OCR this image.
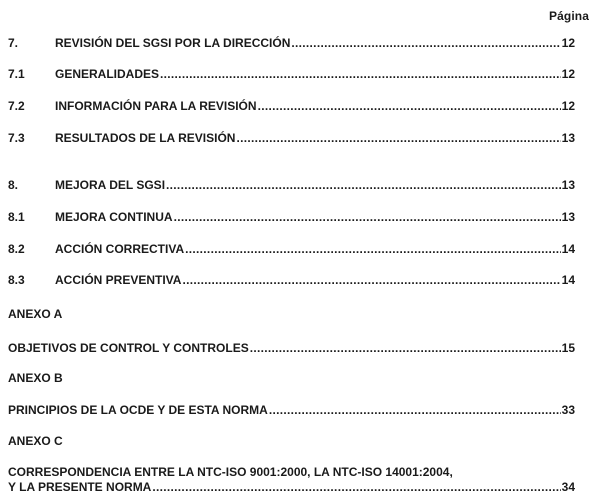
Página
7.	REVISIÓN DEL SGSI POR LA DIRECCIÓN .....	12
7.1	GENERALIDADES .....	12
7.2	INFORMACIÓN PARA LA REVISIÓN .....	12
7.3	RESULTADOS DE LA REVISIÓN .....	13
8.	MEJORA DEL SGSI .....	13
8.1	MEJORA CONTINUA .....	13
8.2	ACCIÓN CORRECTIVA .....	14
8.3	ACCIÓN PREVENTIVA .....	14
ANEXO A
OBJETIVOS DE CONTROL Y CONTROLES .....	15
ANEXO B
PRINCIPIOS DE LA OCDE Y DE ESTA NORMA .....	33
ANEXO C
CORRESPONDENCIA ENTRE LA NTC-ISO 9001:2000, LA NTC-ISO 14001:2004,
Y LA PRESENTE NORMA .....	34
